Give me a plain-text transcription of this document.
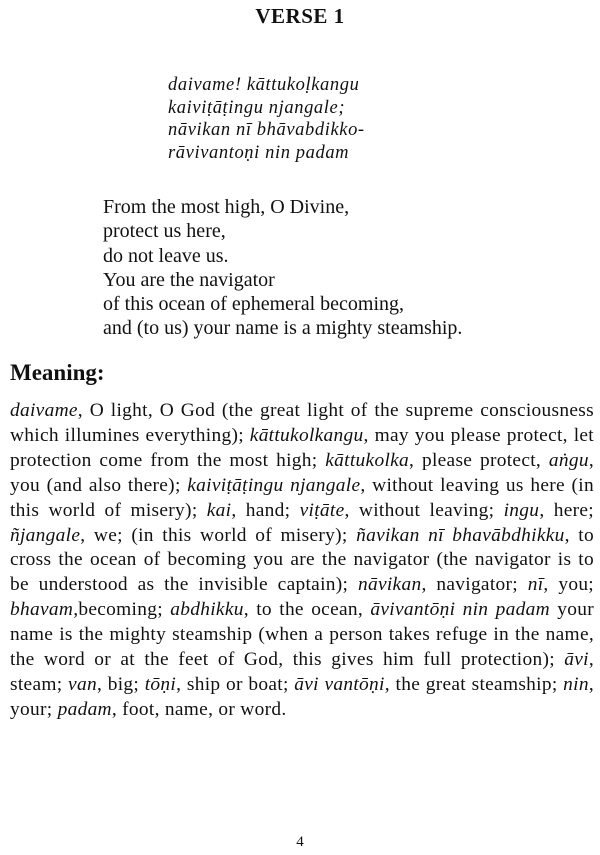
VERSE 1
daivame! kāttukoḷkangu
kaiviṭāṭingu njangale;
nāvikan nī bhāvabdikko-
rāvivantoṇi nin padam
From the most high, O Divine,
protect us here,
do not leave us.
You are the navigator
of this ocean of ephemeral becoming,
and (to us) your name is a mighty steamship.
Meaning:
daivame, O light, O God (the great light of the supreme consciousness which illumines everything); kāttukolkangu, may you please protect, let protection come from the most high; kāttukolka, please protect, aṅgu, you (and also there); kaiviṭāṭingu njangale, without leaving us here (in this world of misery); kai, hand; viṭāte, without leaving; ingu, here; ñjangale, we; (in this world of misery); ñavikan nī bhavābdhikku, to cross the ocean of becoming you are the navigator (the navigator is to be understood as the invisible captain); nāvikan, navigator; nī, you; bhavam,becoming; abdhikku, to the ocean, āvivantōṇi nin padam your name is the mighty steamship (when a person takes refuge in the name, the word or at the feet of God, this gives him full protection); āvi, steam; van, big; tōṇi, ship or boat; āvi vantōṇi, the great steamship; nin, your; padam, foot, name, or word.
4
